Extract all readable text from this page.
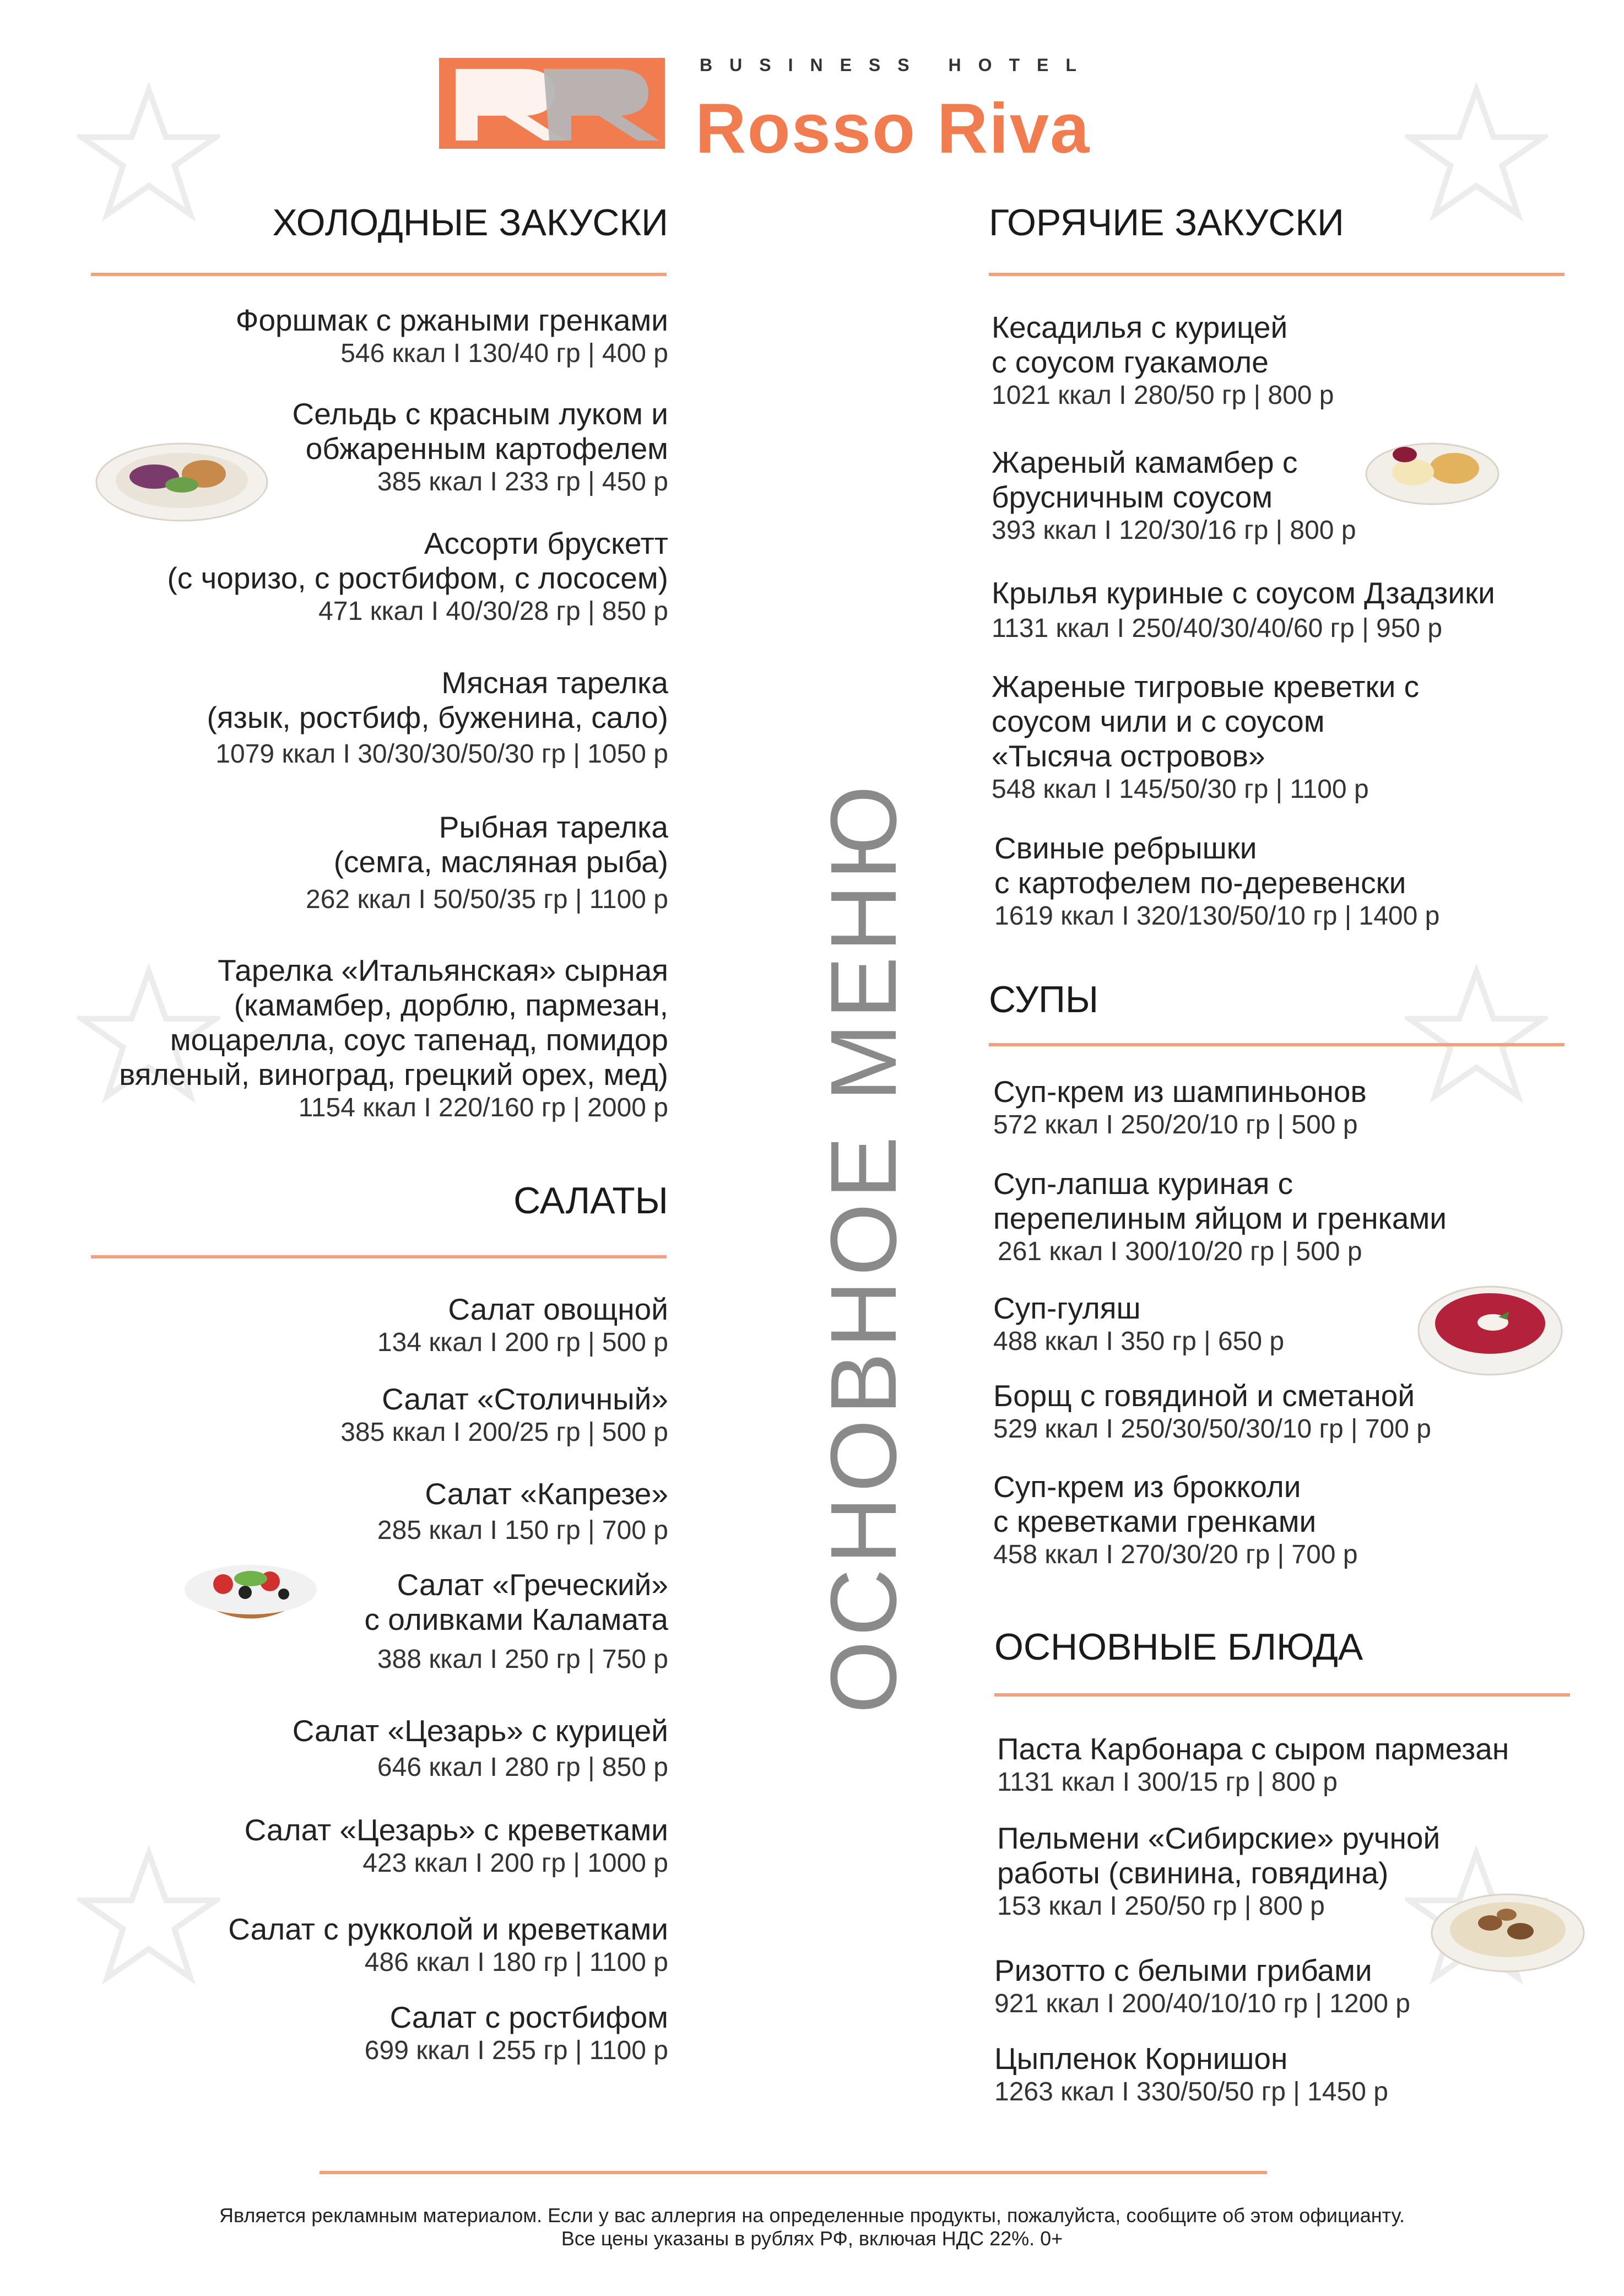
BUSINESS HOTEL
Rosso Riva
ОСНОВНОЕ МЕНЮ
ХОЛОДНЫЕ ЗАКУСКИ
Форшмак с ржаными гренками
546 ккал I 130/40 гр | 400 р
Сельдь с красным луком и
обжаренным картофелем
385 ккал I 233 гр | 450 р
Ассорти брускетт
(с чоризо, с ростбифом, с лососем)
471 ккал I 40/30/28 гр | 850 р
Мясная тарелка
(язык, ростбиф, буженина, сало)
1079 ккал I 30/30/30/50/30 гр | 1050 р
Рыбная тарелка
(семга, масляная рыба)
262 ккал I 50/50/35 гр | 1100 р
Тарелка «Итальянская» сырная
(камамбер, дорблю, пармезан,
моцарелла, соус тапенад, помидор
вяленый, виноград, грецкий орех, мед)
1154 ккал I 220/160 гр | 2000 р
САЛАТЫ
Салат овощной
134 ккал I 200 гр | 500 р
Салат «Столичный»
385 ккал I 200/25 гр | 500 р
Салат «Капрезе»
285 ккал I 150 гр | 700 р
Салат «Греческий»
с оливками Каламата
388 ккал I 250 гр | 750 р
Салат «Цезарь» с курицей
646 ккал I 280 гр | 850 р
Салат «Цезарь» с креветками
423 ккал I 200 гр | 1000 р
Салат с рукколой и креветками
486 ккал I 180 гр | 1100 р
Салат с ростбифом
699 ккал I 255 гр | 1100 р
ГОРЯЧИЕ ЗАКУСКИ
Кесадилья с курицей
с соусом гуакамоле
1021 ккал I 280/50 гр | 800 р
Жареный камамбер с
брусничным соусом
393 ккал I 120/30/16 гр | 800 р
Крылья куриные с соусом Дзадзики
1131 ккал I 250/40/30/40/60 гр | 950 р
Жареные тигровые креветки с
соусом чили и с соусом
«Тысяча островов»
548 ккал I 145/50/30 гр | 1100 р
Свиные ребрышки
с картофелем по-деревенски
1619 ккал I 320/130/50/10 гр | 1400 р
СУПЫ
Суп-крем из шампиньонов
572 ккал I 250/20/10 гр | 500 р
Суп-лапша куриная с
перепелиным яйцом и гренками
261 ккал I 300/10/20 гр | 500 р
Суп-гуляш
488 ккал I 350 гр | 650 р
Борщ с говядиной и сметаной
529 ккал I 250/30/50/30/10 гр | 700 р
Суп-крем из брокколи
с креветками гренками
458 ккал I 270/30/20 гр | 700 р
ОСНОВНЫЕ БЛЮДА
Паста Карбонара с сыром пармезан
1131 ккал I 300/15 гр | 800 р
Пельмени «Сибирские» ручной
работы (свинина, говядина)
153 ккал I 250/50 гр | 800 р
Ризотто с белыми грибами
921 ккал I 200/40/10/10 гр | 1200 р
Цыпленок Корнишон
1263 ккал I 330/50/50 гр | 1450 р
Является рекламным материалом. Если у вас аллергия на определенные продукты, пожалуйста, сообщите об этом официанту.
Все цены указаны в рублях РФ, включая НДС 22%. 0+
